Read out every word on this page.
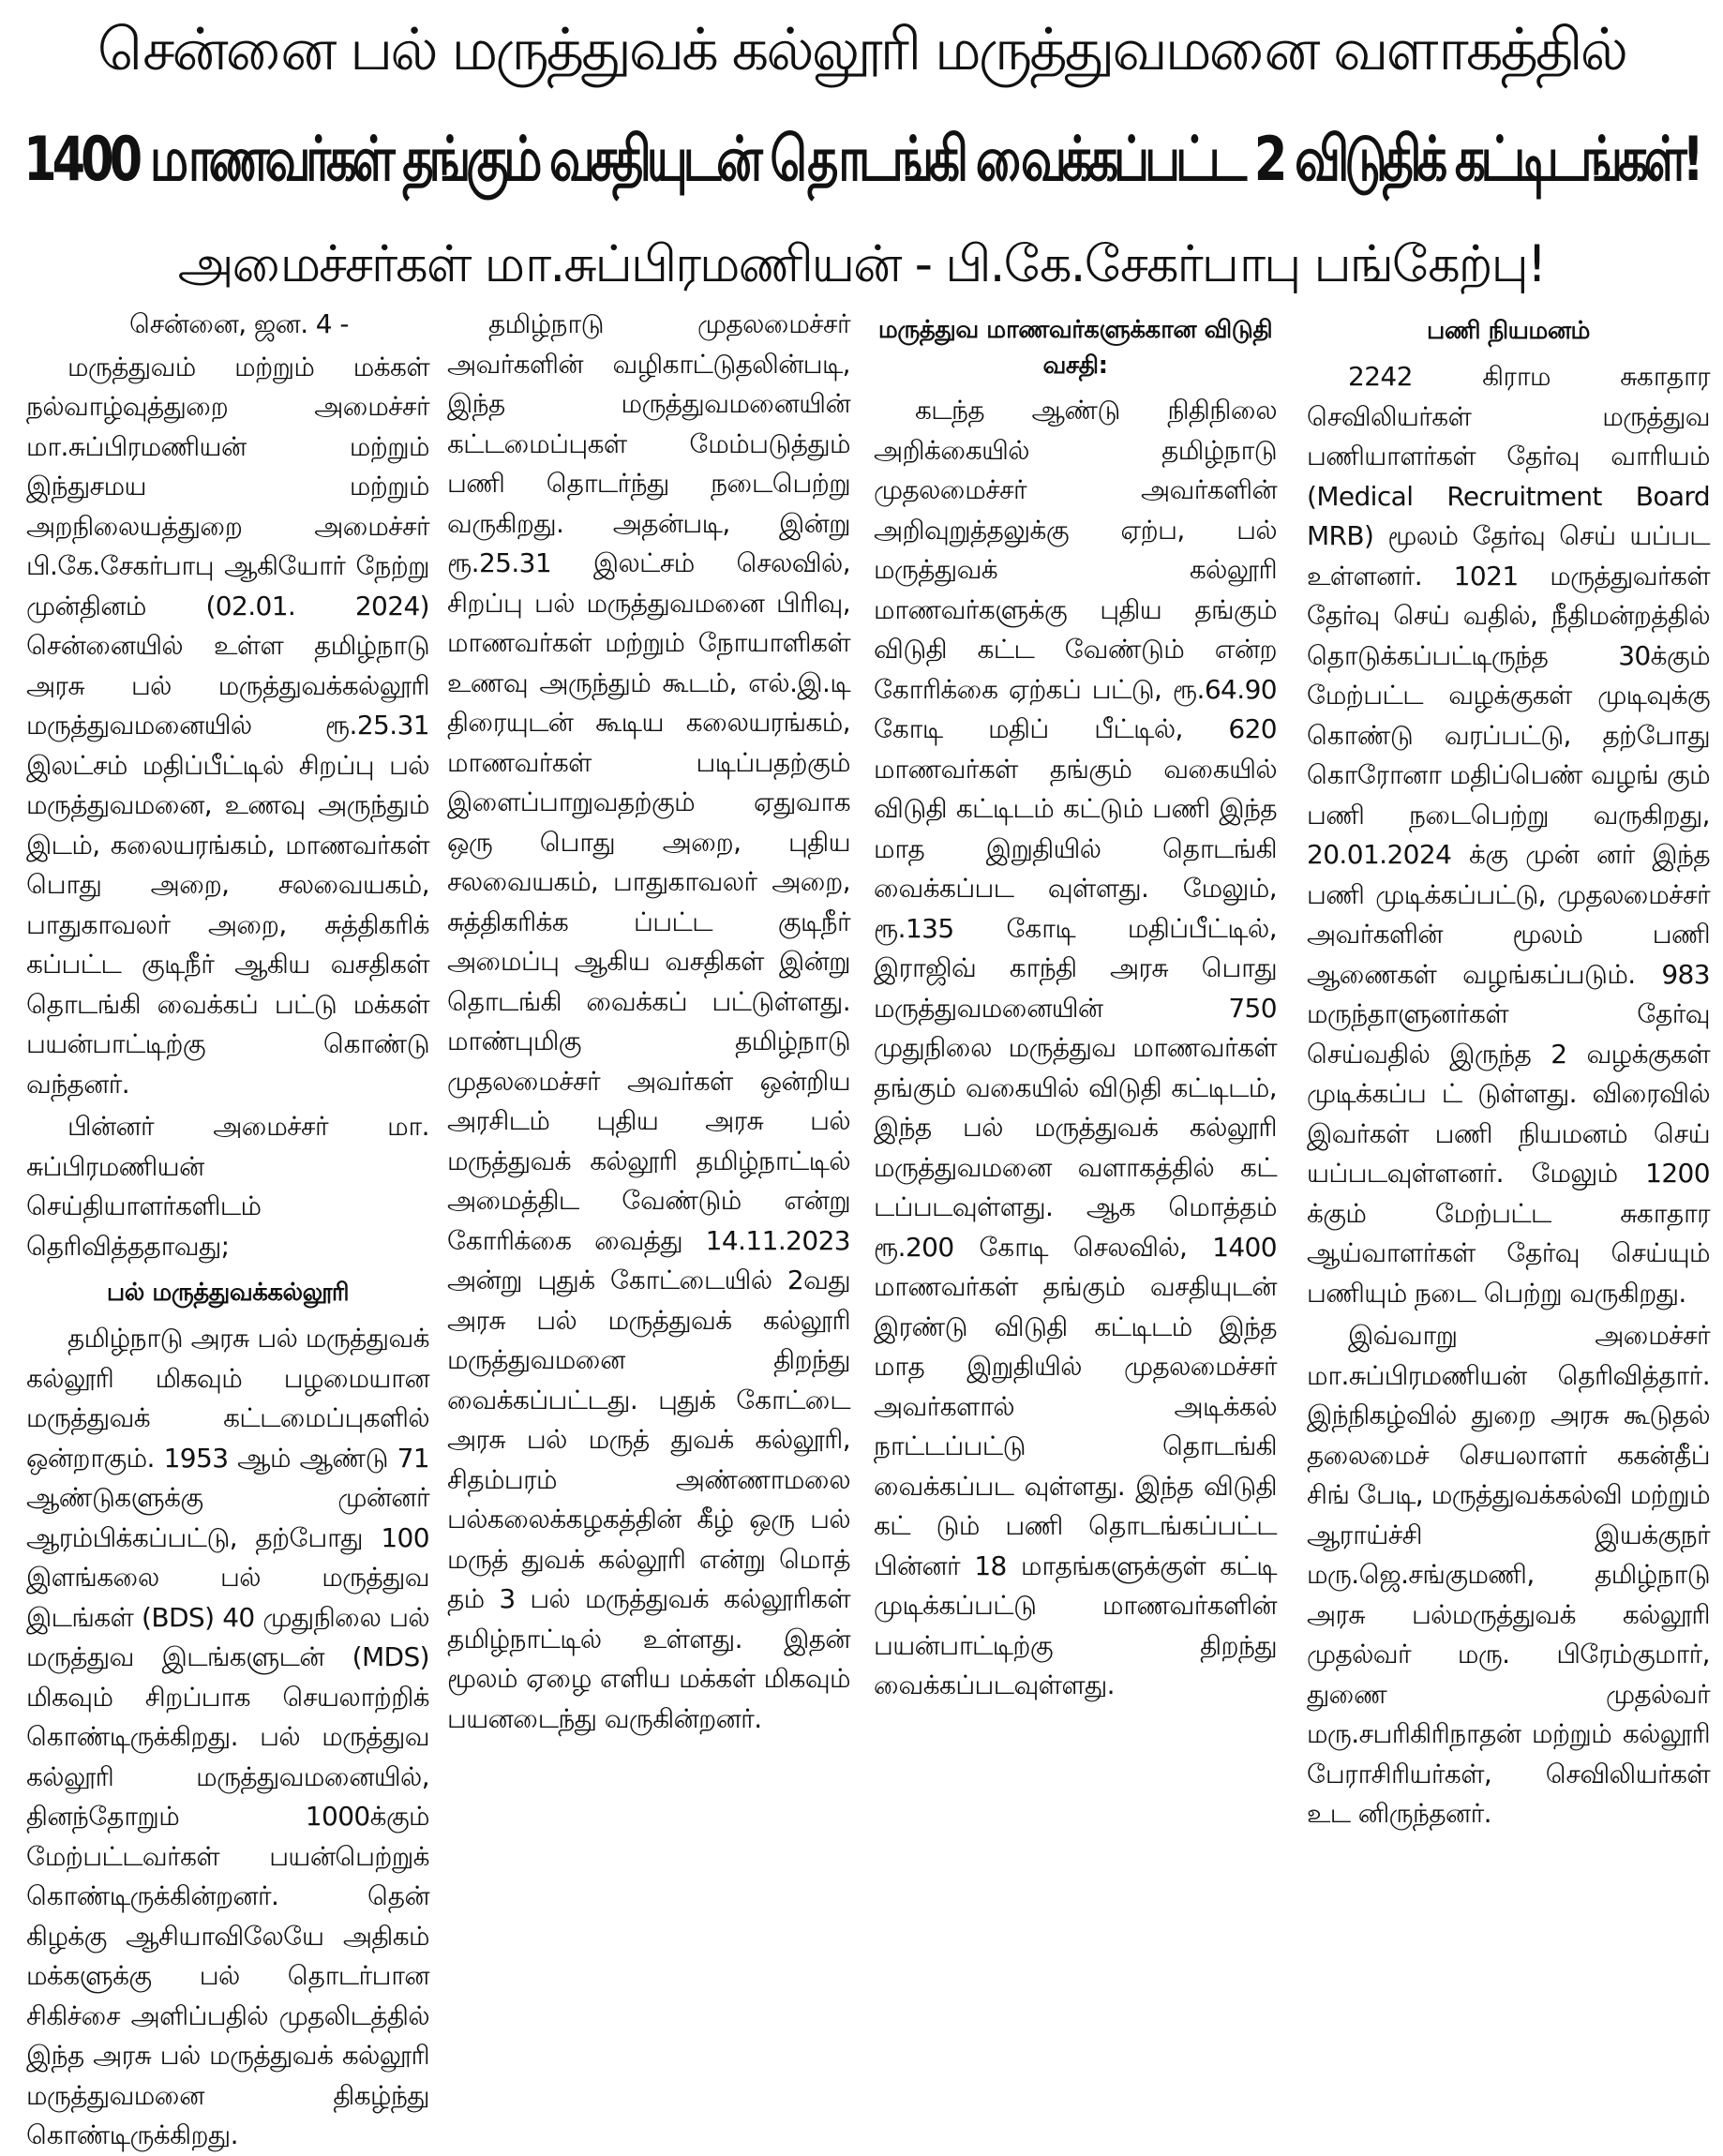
சென்னை பல் மருத்துவக் கல்லூரி மருத்துவமனை வளாகத்தில்
1400 மாணவர்கள் தங்கும் வசதியுடன் தொடங்கி வைக்கப்பட்ட 2 விடுதிக் கட்டிடங்கள்!
அமைச்சர்கள் மா.சுப்பிரமணியன் - பி.கே.சேகர்பாபு பங்கேற்பு!

சென்னை, ஜன. 4 -

மருத்துவம் மற்றும் மக்கள் நல்வாழ்வுத்துறை அமைச்சர் மா.சுப்பிரமணியன் மற்றும் இந்துசமய மற்றும் அறநிலையத்துறை அமைச்சர் பி.கே.சேகர்பாபு ஆகியோர் நேற்று முன்தினம் (02.01. 2024) சென்னையில் உள்ள தமிழ்நாடு அரசு பல் மருத்துவக்கல்லூரி மருத்துவமனையில் ரூ.25.31 இலட்சம் மதிப்பீட்டில் சிறப்பு பல் மருத்துவமனை, உணவு அருந்தும் இடம், கலையரங்கம், மாணவர்கள் பொது அறை, சலவையகம், பாதுகாவலர் அறை, சுத்திகரிக் கப்பட்ட குடிநீர் ஆகிய வசதிகள் தொடங்கி வைக்கப் பட்டு மக்கள் பயன்பாட்டிற்கு கொண்டு வந்தனர்.

பின்னர் அமைச்சர் மா. சுப்பிரமணியன் செய்தியாளர்களிடம் தெரிவித்ததாவது;

பல் மருத்துவக்கல்லூரி

தமிழ்நாடு அரசு பல் மருத்துவக் கல்லூரி மிகவும் பழமையான மருத்துவக் கட்டமைப்புகளில் ஒன்றாகும். 1953 ஆம் ஆண்டு 71 ஆண்டுகளுக்கு முன்னர் ஆரம்பிக்கப்பட்டு, தற்போது 100 இளங்கலை பல் மருத்துவ இடங்கள் (BDS) 40 முதுநிலை பல் மருத்துவ இடங்களுடன் (MDS) மிகவும் சிறப்பாக செயலாற்றிக் கொண்டிருக்கிறது. பல் மருத்துவ கல்லூரி மருத்துவமனையில், தினந்தோறும் 1000க்கும் மேற்பட்டவர்கள் பயன்பெற்றுக் கொண்டிருக்கின்றனர். தென் கிழக்கு ஆசியாவிலேயே அதிகம் மக்களுக்கு பல் தொடர்பான சிகிச்சை அளிப்பதில் முதலிடத்தில் இந்த அரசு பல் மருத்துவக் கல்லூரி மருத்துவமனை திகழ்ந்து கொண்டிருக்கிறது.

தமிழ்நாடு முதலமைச்சர் அவர்களின் வழிகாட்டுதலின்படி, இந்த மருத்துவமனையின் கட்டமைப்புகள் மேம்படுத்தும் பணி தொடர்ந்து நடைபெற்று வருகிறது. அதன்படி, இன்று ரூ.25.31 இலட்சம் செலவில், சிறப்பு பல் மருத்துவமனை பிரிவு, மாணவர்கள் மற்றும் நோயாளிகள் உணவு அருந்தும் கூடம், எல்.இ.டி திரையுடன் கூடிய கலையரங்கம், மாணவர்கள் படிப்பதற்கும் இளைப்பாறுவதற்கும் ஏதுவாக ஒரு பொது அறை, புதிய சலவையகம், பாதுகாவலர் அறை, சுத்திகரிக்க ப்பட்ட குடிநீர் அமைப்பு ஆகிய வசதிகள் இன்று தொடங்கி வைக்கப் பட்டுள்ளது. மாண்புமிகு தமிழ்நாடு முதலமைச்சர் அவர்கள் ஒன்றிய அரசிடம் புதிய அரசு பல் மருத்துவக் கல்லூரி தமிழ்நாட்டில் அமைத்திட வேண்டும் என்று கோரிக்கை வைத்து 14.11.2023 அன்று புதுக் கோட்டையில் 2வது அரசு பல் மருத்துவக் கல்லூரி மருத்துவமனை திறந்து வைக்கப்பட்டது. புதுக் கோட்டை அரசு பல் மருத் துவக் கல்லூரி, சிதம்பரம் அண்ணாமலை பல்கலைக்கழகத்தின் கீழ் ஒரு பல் மருத் துவக் கல்லூரி என்று மொத் தம் 3 பல் மருத்துவக் கல்லூரிகள் தமிழ்நாட்டில் உள்ளது. இதன் மூலம் ஏழை எளிய மக்கள் மிகவும் பயனடைந்து வருகின்றனர்.

மருத்துவ மாணவர்களுக்கான விடுதி வசதி:

கடந்த ஆண்டு நிதிநிலை அறிக்கையில் தமிழ்நாடு முதலமைச்சர் அவர்களின் அறிவுறுத்தலுக்கு ஏற்ப, பல் மருத்துவக் கல்லூரி மாணவர்களுக்கு புதிய தங்கும் விடுதி கட்ட வேண்டும் என்ற கோரிக்கை ஏற்கப் பட்டு, ரூ.64.90 கோடி மதிப் பீட்டில், 620 மாணவர்கள் தங்கும் வகையில் விடுதி கட்டிடம் கட்டும் பணி இந்த மாத இறுதியில் தொடங்கி வைக்கப்பட வுள்ளது. மேலும், ரூ.135 கோடி மதிப்பீட்டில், இராஜிவ் காந்தி அரசு பொது மருத்துவமனையின் 750 முதுநிலை மருத்துவ மாணவர்கள் தங்கும் வகையில் விடுதி கட்டிடம், இந்த பல் மருத்துவக் கல்லூரி மருத்துவமனை வளாகத்தில் கட் டப்படவுள்ளது. ஆக மொத்தம் ரூ.200 கோடி செலவில், 1400 மாணவர்கள் தங்கும் வசதியுடன் இரண்டு விடுதி கட்டிடம் இந்த மாத இறுதியில் முதலமைச்சர் அவர்களால் அடிக்கல் நாட்டப்பட்டு தொடங்கி வைக்கப்பட வுள்ளது. இந்த விடுதி கட் டும் பணி தொடங்கப்பட்ட பின்னர் 18 மாதங்களுக்குள் கட்டி முடிக்கப்பட்டு மாணவர்களின் பயன்பாட்டிற்கு திறந்து வைக்கப்படவுள்ளது.

பணி நியமனம்

2242 கிராம சுகாதார செவிலியர்கள் மருத்துவ பணியாளர்கள் தேர்வு வாரியம் (Medical Recruitment Board MRB) மூலம் தேர்வு செய் யப்பட உள்ளனர். 1021 மருத்துவர்கள் தேர்வு செய் வதில், நீதிமன்றத்தில் தொடுக்கப்பட்டிருந்த 30க்கும் மேற்பட்ட வழக்குகள் முடிவுக்கு கொண்டு வரப்பட்டு, தற்போது கொரோனா மதிப்பெண் வழங் கும் பணி நடைபெற்று வருகிறது, 20.01.2024 க்கு முன் னர் இந்த பணி முடிக்கப்பட்டு, முதலமைச்சர் அவர்களின் மூலம் பணி ஆணைகள் வழங்கப்படும். 983 மருந்தாளுனர்கள் தேர்வு செய்வதில் இருந்த 2 வழக்குகள் முடிக்கப்ப ட் டுள்ளது. விரைவில் இவர்கள் பணி நியமனம் செய் யப்படவுள்ளனர். மேலும் 1200 க்கும் மேற்பட்ட சுகாதார ஆய்வாளர்கள் தேர்வு செய்யும் பணியும் நடை பெற்று வருகிறது.

இவ்வாறு அமைச்சர் மா.சுப்பிரமணியன் தெரிவித்தார். இந்நிகழ்வில் துறை அரசு கூடுதல் தலைமைச் செயலாளர் ககன்தீப் சிங் பேடி, மருத்துவக்கல்வி மற்றும் ஆராய்ச்சி இயக்குநர் மரு.ஜெ.சங்குமணி, தமிழ்நாடு அரசு பல்மருத்துவக் கல்லூரி முதல்வர் மரு. பிரேம்குமார், துணை முதல்வர் மரு.சபரிகிரிநாதன் மற்றும் கல்லூரி பேராசிரியர்கள், செவிலியர்கள் உட னிருந்தனர்.
